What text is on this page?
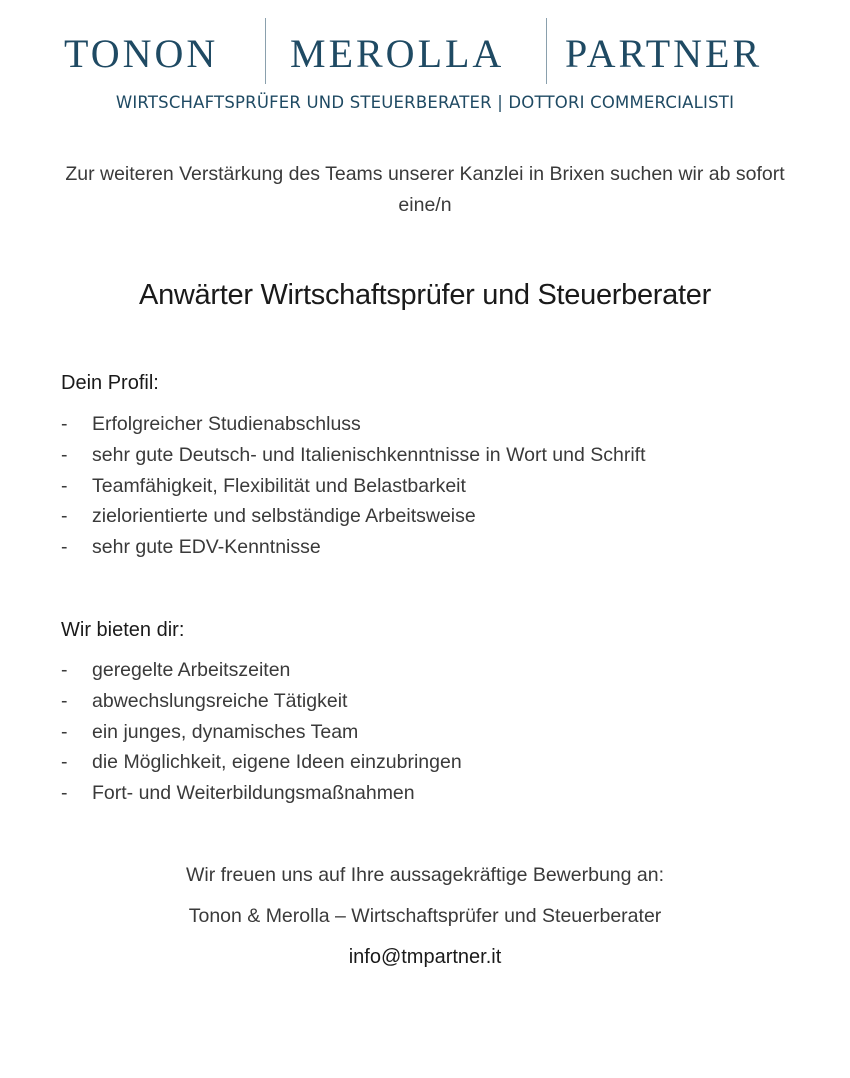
TONON MEROLLA PARTNER
WIRTSCHAFTSPRÜFER UND STEUERBERATER | DOTTORI COMMERCIALISTI
Zur weiteren Verstärkung des Teams unserer Kanzlei in Brixen suchen wir ab sofort eine/n
Anwärter Wirtschaftsprüfer und Steuerberater
Dein Profil:
- Erfolgreicher Studienabschluss
- sehr gute Deutsch- und Italienischkenntnisse in Wort und Schrift
- Teamfähigkeit, Flexibilität und Belastbarkeit
- zielorientierte und selbständige Arbeitsweise
- sehr gute EDV-Kenntnisse
Wir bieten dir:
- geregelte Arbeitszeiten
- abwechslungsreiche Tätigkeit
- ein junges, dynamisches Team
- die Möglichkeit, eigene Ideen einzubringen
- Fort- und Weiterbildungsmaßnahmen
Wir freuen uns auf Ihre aussagekräftige Bewerbung an:
Tonon & Merolla – Wirtschaftsprüfer und Steuerberater
info@tmpartner.it
